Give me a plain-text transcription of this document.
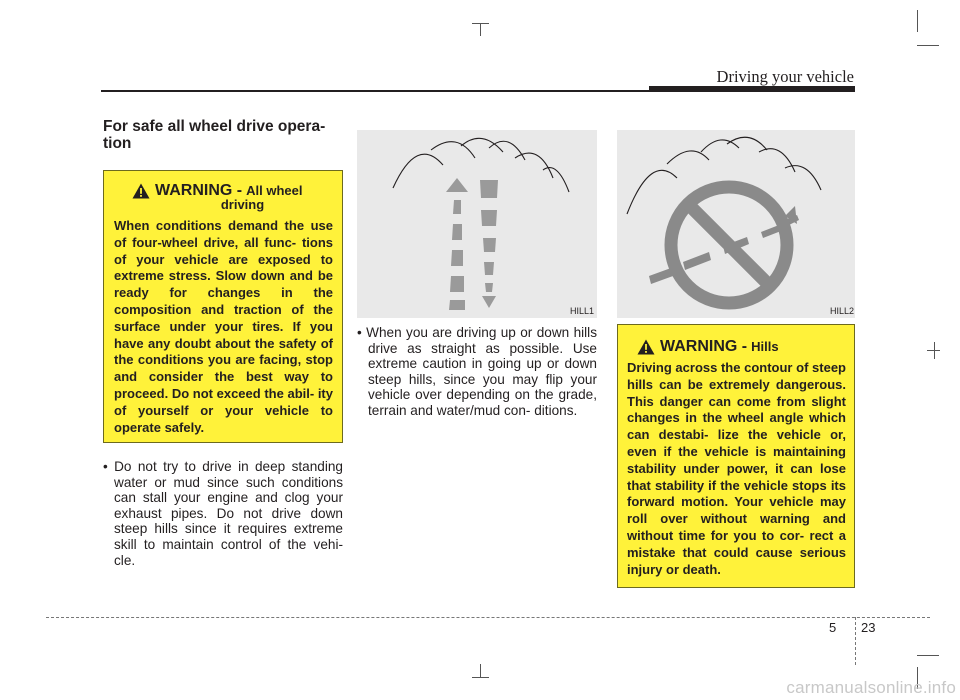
Driving your vehicle
For safe all wheel drive opera- tion
WARNING - All wheel
driving
When conditions demand the use of four-wheel drive, all func- tions of your vehicle are exposed to extreme stress. Slow down and be ready for changes in the composition and traction of the surface under your tires. If you have any doubt about the safety of the conditions you are facing, stop and consider the best way to proceed. Do not exceed the abil- ity of yourself or your vehicle to operate safely.
• Do not try to drive in deep standing water or mud since such conditions can stall your engine and clog your exhaust pipes. Do not drive down steep hills since it requires extreme skill to maintain control of the vehi- cle.
HILL1	HILL2
• When you are driving up or down hills drive as straight as possible. Use extreme caution in going up or down steep hills, since you may flip your vehicle over depending on the grade, terrain and water/mud con- ditions.
WARNING - Hills
Driving across the contour of steep hills can be extremely dangerous. This danger can come from slight changes in the wheel angle which can destabi- lize the vehicle or, even if the vehicle is maintaining stability under power, it can lose that stability if the vehicle stops its forward motion. Your vehicle may roll over without warning and without time for you to cor- rect a mistake that could cause serious injury or death.
5 23
carmanualsonline.info
